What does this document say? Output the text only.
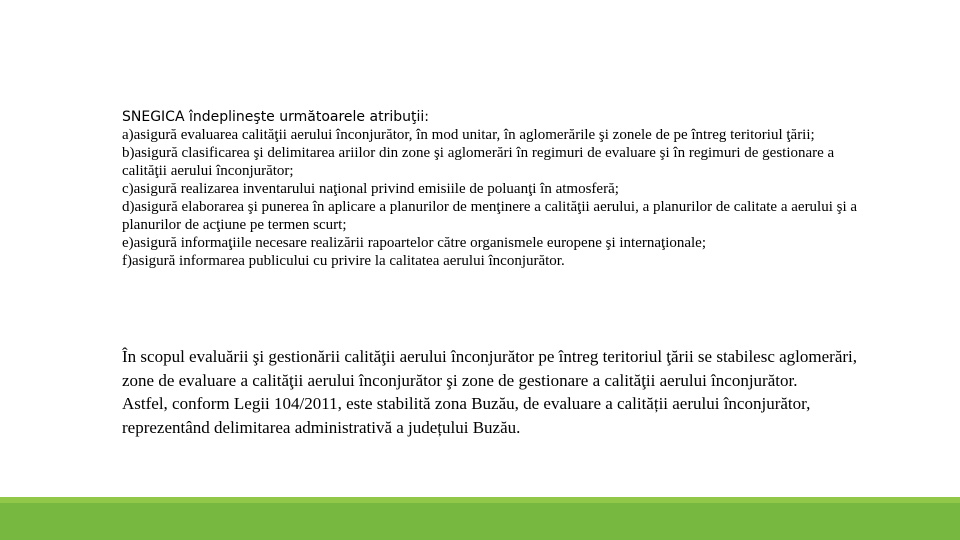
SNEGICA îndeplineşte următoarele atribuţii:
a)asigură evaluarea calităţii aerului înconjurător, în mod unitar, în aglomerările şi zonele de pe întreg teritoriul ţării;
b)asigură clasificarea şi delimitarea ariilor din zone şi aglomerări în regimuri de evaluare şi în regimuri de gestionare a calităţii aerului înconjurător;
c)asigură realizarea inventarului naţional privind emisiile de poluanţi în atmosferă;
d)asigură elaborarea şi punerea în aplicare a planurilor de menţinere a calităţii aerului, a planurilor de calitate a aerului şi a planurilor de acţiune pe termen scurt;
e)asigură informaţiile necesare realizării rapoartelor către organismele europene şi internaţionale;
f)asigură informarea publicului cu privire la calitatea aerului înconjurător.
În scopul evaluării şi gestionării calităţii aerului înconjurător pe întreg teritoriul ţării se stabilesc aglomerări, zone de evaluare a calităţii aerului înconjurător şi zone de gestionare a calităţii aerului înconjurător.
Astfel, conform Legii 104/2011, este stabilită zona Buzău, de evaluare a calității aerului înconjurător, reprezentând delimitarea administrativă a județului Buzău.
